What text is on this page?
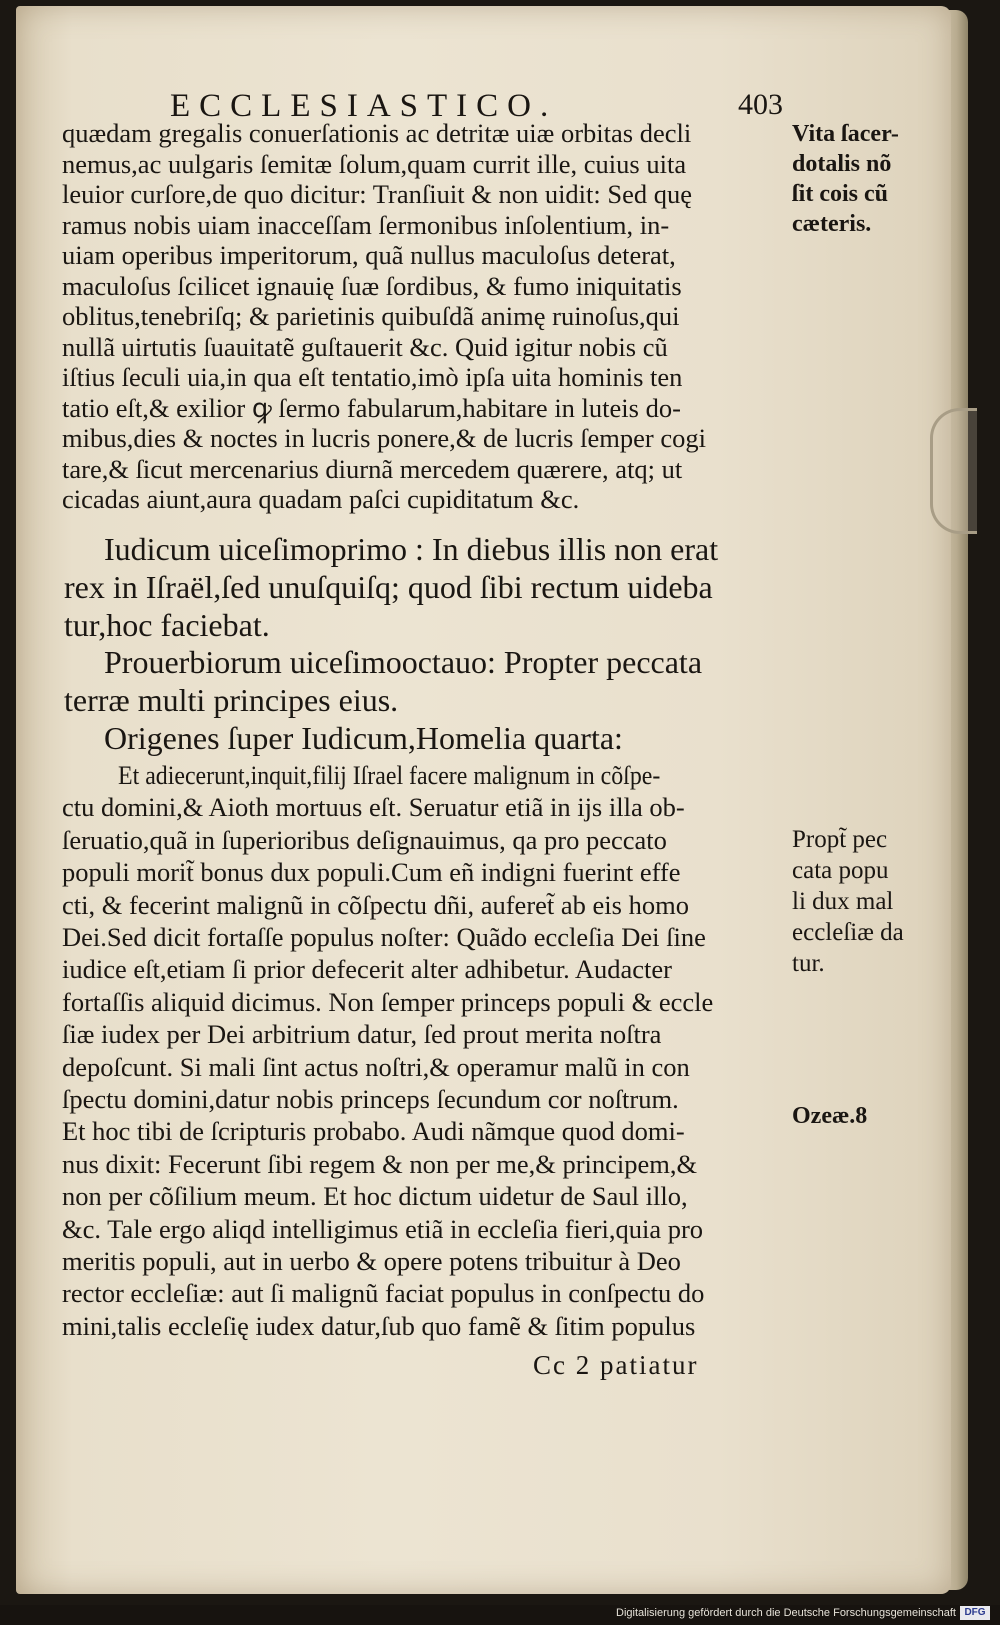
ECCLESIASTICO.	403
quædam gregalis conuerſationis ac detritæ uiæ orbitas decli
nemus,ac uulgaris ſemitæ ſolum,quam currit ille, cuius uita
leuior curſore,de quo dicitur: Tranſiuit & non uidit: Sed quę
ramus nobis uiam inacceſſam ſermonibus inſolentium, in-
uiam operibus imperitorum, quã nullus maculoſus deterat,
maculoſus ſcilicet ignauię ſuæ ſordibus, & fumo iniquitatis
oblitus,tenebriſq; & parietinis quibuſdã animę ruinoſus,qui
nullã uirtutis ſuauitatẽ guſtauerit &c. Quid igitur nobis cũ
iſtius ſeculi uia,in qua eſt tentatio,imò ipſa uita hominis ten
tatio eſt,& exilior ꝙ ſermo fabularum,habitare in luteis do-
mibus,dies & noctes in lucris ponere,& de lucris ſemper cogi
tare,& ſicut mercenarius diurnã mercedem quærere, atq; ut
cicadas aiunt,aura quadam paſci cupiditatum &c.
Iudicum uiceſimoprimo : In diebus illis non erat
rex in Iſraël,ſed unuſquiſq; quod ſibi rectum uideba
tur,hoc faciebat.
Prouerbiorum uiceſimooctauo: Propter peccata
terræ multi principes eius.
Origenes ſuper Iudicum,Homelia quarta:
Et adiecerunt,inquit,filij Iſrael facere malignum in cõſpe-
ctu domini,& Aioth mortuus eſt. Seruatur etiã in ijs illa ob-
ſeruatio,quã in ſuperioribus deſignauimus, qa pro peccato
populi morit̃ bonus dux populi.Cum eñ indigni fuerint effe
cti, & fecerint malignũ in cõſpectu dñi, auferet̃ ab eis homo
Dei.Sed dicit fortaſſe populus noſter: Quãdo eccleſia Dei ſine
iudice eſt,etiam ſi prior defecerit alter adhibetur. Audacter
fortaſſis aliquid dicimus. Non ſemper princeps populi & eccle
ſiæ iudex per Dei arbitrium datur, ſed prout merita noſtra
depoſcunt. Si mali ſint actus noſtri,& operamur malũ in con
ſpectu domini,datur nobis princeps ſecundum cor noſtrum.
Et hoc tibi de ſcripturis probabo. Audi nãmque quod domi-
nus dixit: Fecerunt ſibi regem & non per me,& principem,&
non per cõſilium meum. Et hoc dictum uidetur de Saul illo,
&c. Tale ergo aliqd intelligimus etiã in eccleſia fieri,quia pro
meritis populi, aut in uerbo & opere potens tribuitur à Deo
rector eccleſiæ: aut ſi malignũ faciat populus in conſpectu do
mini,talis eccleſię iudex datur,ſub quo famẽ & ſitim populus
Vita ſacer-
dotalis nõ
ſit cois cũ
cæteris.
Propt̃ pec
cata popu
li dux mal
eccleſiæ da
tur.
Ozeæ.8
Cc 2 patiatur
Digitalisierung gefördert durch die Deutsche Forschungsgemeinschaft DFG
